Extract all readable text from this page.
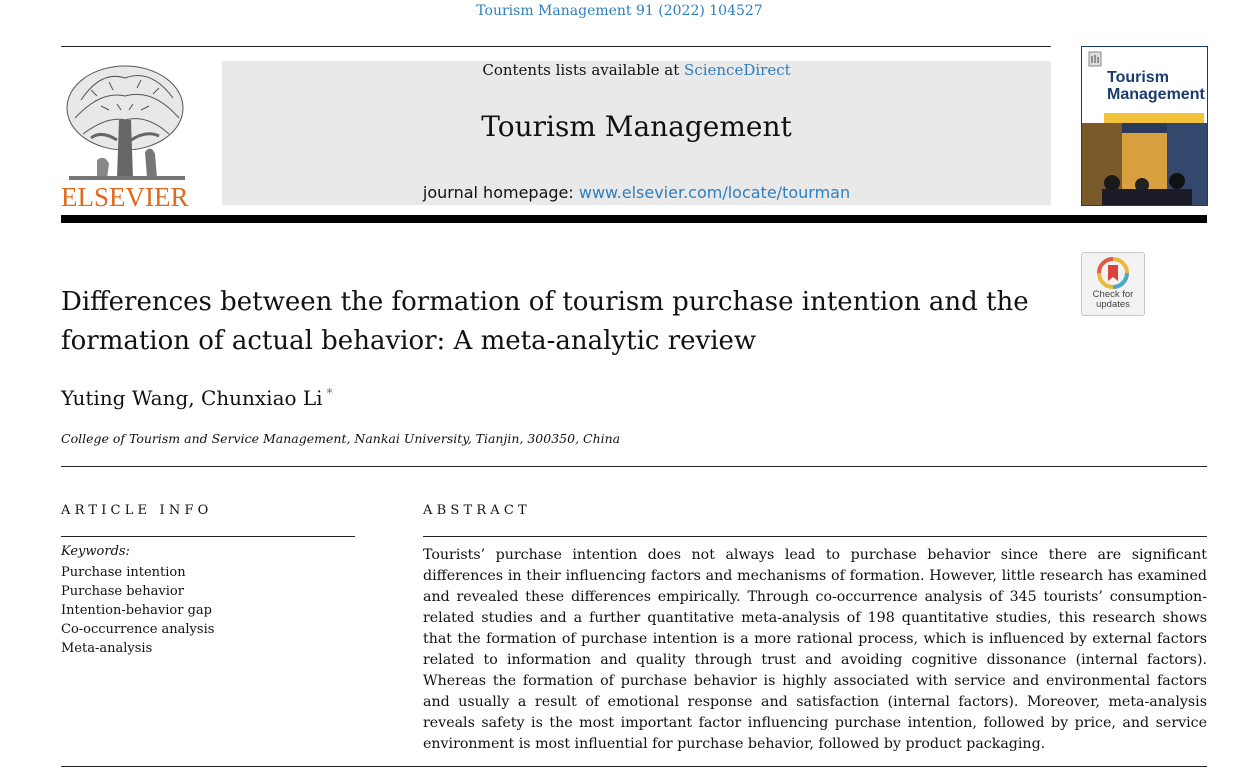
Tourism Management 91 (2022) 104527
ELSEVIER
Contents lists available at ScienceDirect
Tourism Management
journal homepage: www.elsevier.com/locate/tourman
Tourism
Management
Check for
updates
Differences between the formation of tourism purchase intention and the formation of actual behavior: A meta-analytic review
Yuting Wang, Chunxiao Li *
College of Tourism and Service Management, Nankai University, Tianjin, 300350, China
ARTICLE INFO
Keywords:
Purchase intention
Purchase behavior
Intention-behavior gap
Co-occurrence analysis
Meta-analysis
ABSTRACT
Tourists’ purchase intention does not always lead to purchase behavior since there are significant differences in their influencing factors and mechanisms of formation. However, little research has examined and revealed these differences empirically. Through co-occurrence analysis of 345 tourists’ consumption-related studies and a further quantitative meta-analysis of 198 quantitative studies, this research shows that the formation of purchase intention is a more rational process, which is influenced by external factors related to information and quality through trust and avoiding cognitive dissonance (internal factors). Whereas the formation of purchase behavior is highly associated with service and environmental factors and usually a result of emotional response and satisfaction (internal factors). Moreover, meta-analysis reveals safety is the most important factor influencing purchase intention, followed by price, and service environment is most influential for purchase behavior, followed by product packaging.
